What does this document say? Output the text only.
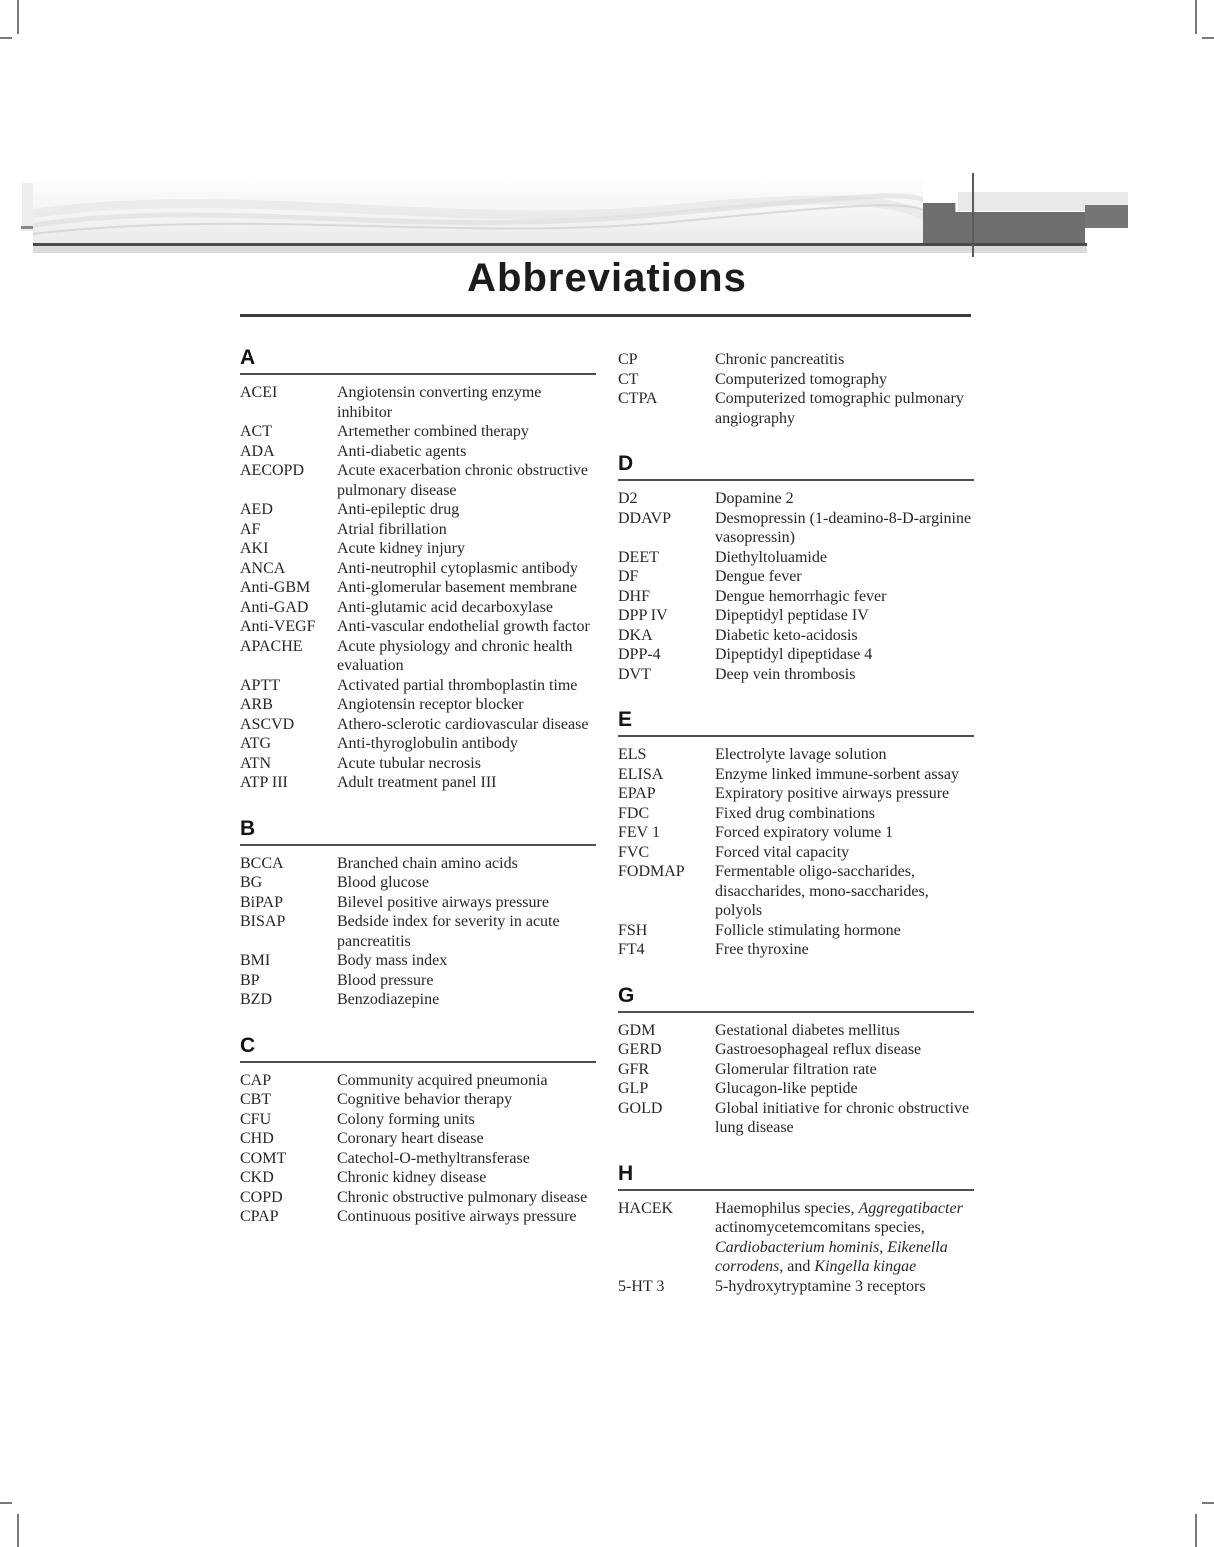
Abbreviations
A
ACEI	Angiotensin converting enzyme inhibitor
ACT	Artemether combined therapy
ADA	Anti-diabetic agents
AECOPD	Acute exacerbation chronic obstructive pulmonary disease
AED	Anti-epileptic drug
AF	Atrial fibrillation
AKI	Acute kidney injury
ANCA	Anti-neutrophil cytoplasmic antibody
Anti-GBM	Anti-glomerular basement membrane
Anti-GAD	Anti-glutamic acid decarboxylase
Anti-VEGF	Anti-vascular endothelial growth factor
APACHE	Acute physiology and chronic health evaluation
APTT	Activated partial thromboplastin time
ARB	Angiotensin receptor blocker
ASCVD	Athero-sclerotic cardiovascular disease
ATG	Anti-thyroglobulin antibody
ATN	Acute tubular necrosis
ATP III	Adult treatment panel III
B
BCCA	Branched chain amino acids
BG	Blood glucose
BiPAP	Bilevel positive airways pressure
BISAP	Bedside index for severity in acute pancreatitis
BMI	Body mass index
BP	Blood pressure
BZD	Benzodiazepine
C
CAP	Community acquired pneumonia
CBT	Cognitive behavior therapy
CFU	Colony forming units
CHD	Coronary heart disease
COMT	Catechol-O-methyltransferase
CKD	Chronic kidney disease
COPD	Chronic obstructive pulmonary disease
CPAP	Continuous positive airways pressure
CP	Chronic pancreatitis
CT	Computerized tomography
CTPA	Computerized tomographic pulmonary angiography
D
D2	Dopamine 2
DDAVP	Desmopressin (1-deamino-8-D-arginine vasopressin)
DEET	Diethyltoluamide
DF	Dengue fever
DHF	Dengue hemorrhagic fever
DPP IV	Dipeptidyl peptidase IV
DKA	Diabetic keto-acidosis
DPP-4	Dipeptidyl dipeptidase 4
DVT	Deep vein thrombosis
E
ELS	Electrolyte lavage solution
ELISA	Enzyme linked immune-sorbent assay
EPAP	Expiratory positive airways pressure
FDC	Fixed drug combinations
FEV 1	Forced expiratory volume 1
FVC	Forced vital capacity
FODMAP	Fermentable oligo-saccharides, disaccharides, mono-saccharides, polyols
FSH	Follicle stimulating hormone
FT4	Free thyroxine
G
GDM	Gestational diabetes mellitus
GERD	Gastroesophageal reflux disease
GFR	Glomerular filtration rate
GLP	Glucagon-like peptide
GOLD	Global initiative for chronic obstructive lung disease
H
HACEK	Haemophilus species, Aggregatibacter actinomycetemcomitans species, Cardiobacterium hominis, Eikenella corrodens, and Kingella kingae
5-HT 3	5-hydroxytryptamine 3 receptors
